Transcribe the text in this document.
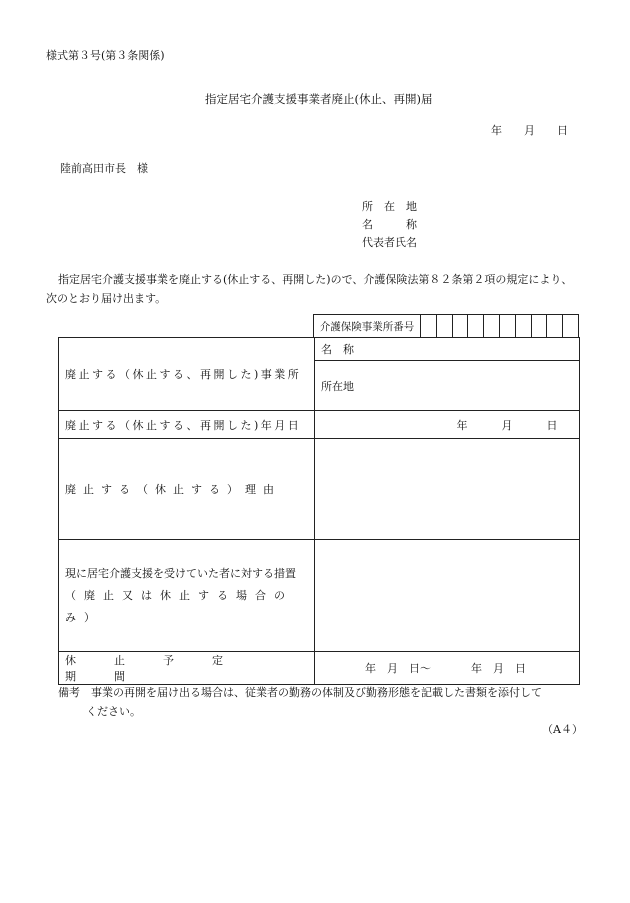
様式第３号(第３条関係)
指定居宅介護支援事業者廃止(休止、再開)届
年 月 日
陸前高田市長　様
所　在　地
名　　　称
代表者氏名
指定居宅介護支援事業を廃止する(休止する、再開した)ので、介護保険法第８２条第２項の規定により、
次のとおり届け出ます。
介護保険事業所番号
廃止する（休止する、再開した)事業所	名　称
	所在地

廃止する（休止する、再開した)年月日	年 月 日

廃止する（休止する）理由	

現に居宅介護支援を受けていた者に対する措置
（廃止又は休止する場合のみ）	

休止予定期間	年　月　日〜 年　月　日
備考　事業の再開を届け出る場合は、従業者の勤務の体制及び勤務形態を記載した書類を添付して
ください。
（A４）
